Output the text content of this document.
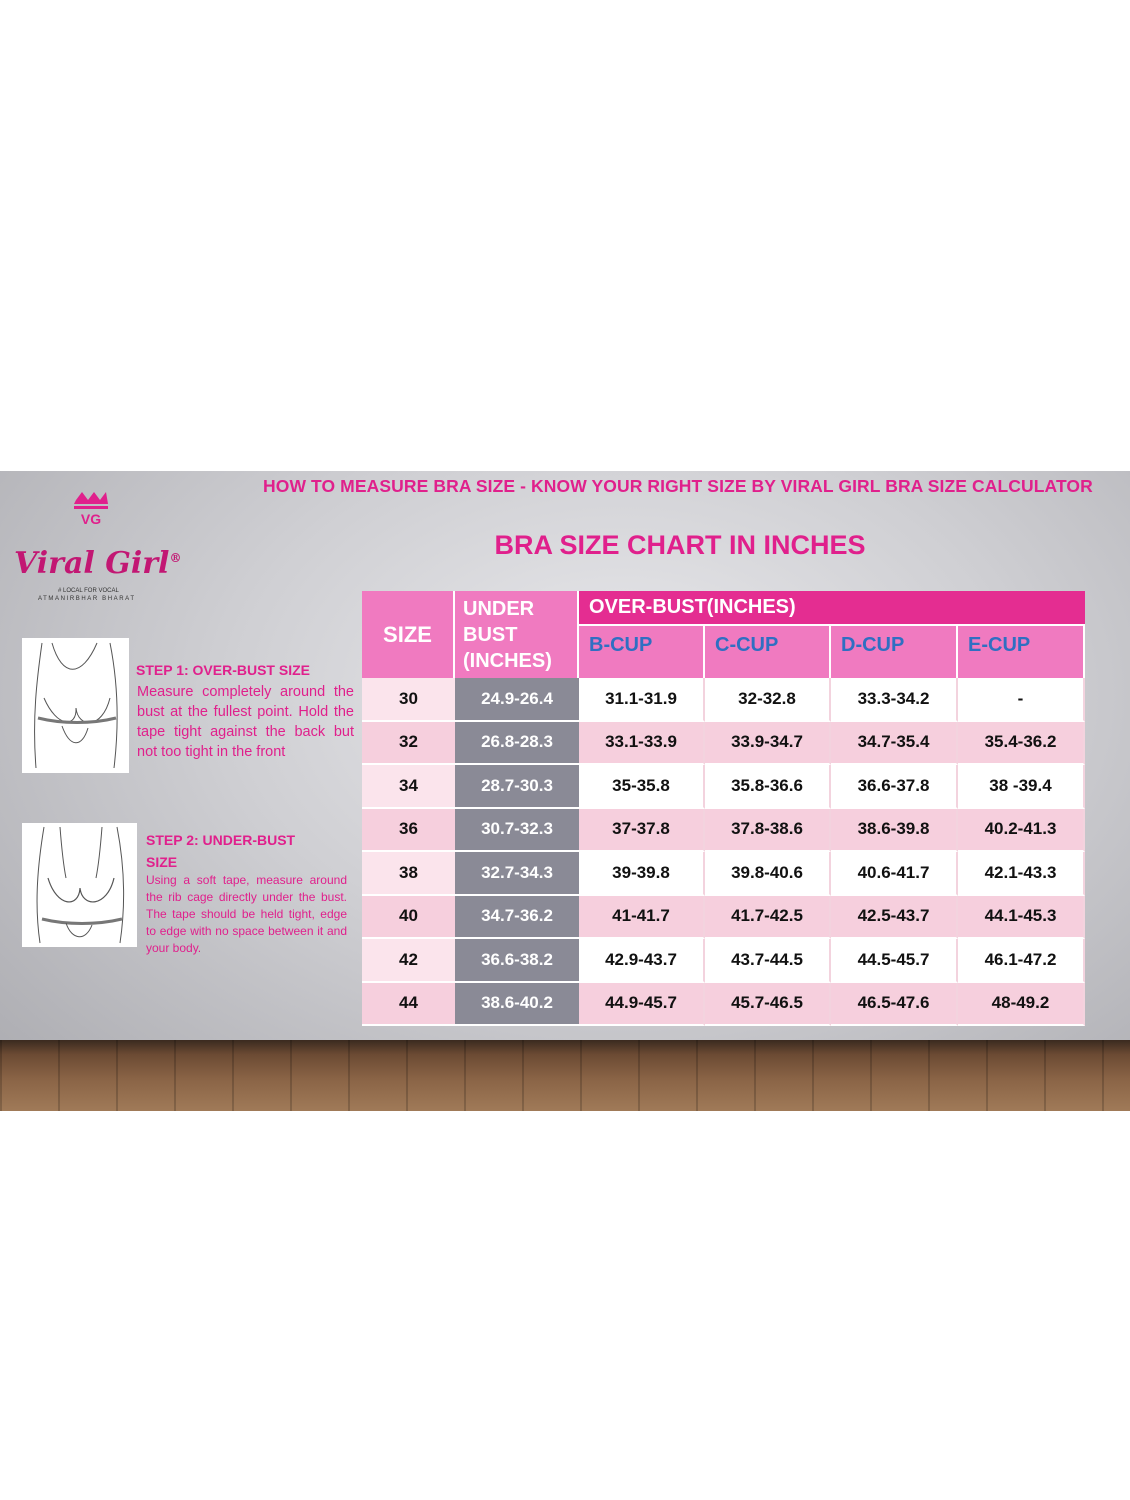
HOW TO MEASURE BRA SIZE - KNOW YOUR RIGHT SIZE BY VIRAL GIRL BRA SIZE CALCULATOR
BRA SIZE CHART IN INCHES
VG
Viral Girl®
# LOCAL FOR VOCAL
ATMANIRBHAR BHARAT
STEP 1: OVER-BUST SIZE
Measure completely around the bust at the fullest point. Hold the tape tight against the back but not too tight in the front
STEP 2: UNDER-BUST SIZE
Using a soft tape, measure around the rib cage directly under the bust. The tape should be held tight, edge to edge with no space between it and your body.
SIZE
UNDER BUST (INCHES)
OVER-BUST(INCHES)
B-CUP	C-CUP	D-CUP	E-CUP
30	24.9-26.4	31.1-31.9	32-32.8	33.3-34.2	-
32	26.8-28.3	33.1-33.9	33.9-34.7	34.7-35.4	35.4-36.2
34	28.7-30.3	35-35.8	35.8-36.6	36.6-37.8	38 -39.4
36	30.7-32.3	37-37.8	37.8-38.6	38.6-39.8	40.2-41.3
38	32.7-34.3	39-39.8	39.8-40.6	40.6-41.7	42.1-43.3
40	34.7-36.2	41-41.7	41.7-42.5	42.5-43.7	44.1-45.3
42	36.6-38.2	42.9-43.7	43.7-44.5	44.5-45.7	46.1-47.2
44	38.6-40.2	44.9-45.7	45.7-46.5	46.5-47.6	48-49.2
